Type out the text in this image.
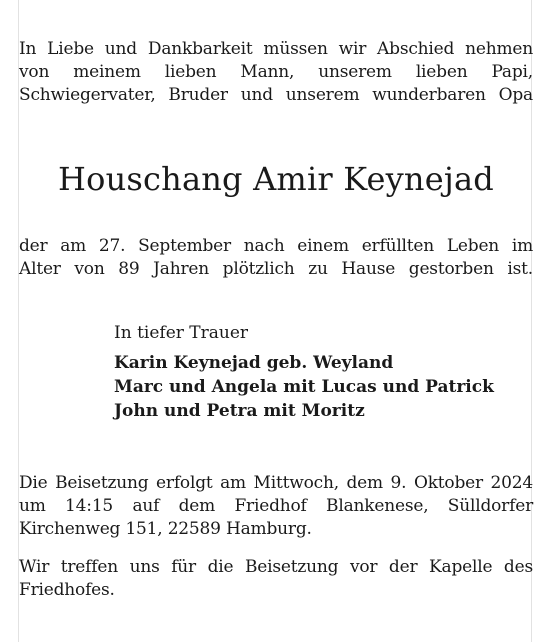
In Liebe und Dankbarkeit müssen wir Abschied nehmen
von meinem lieben Mann, unserem lieben Papi,
Schwiegervater, Bruder und unserem wunderbaren Opa

Houschang Amir Keynejad

der am 27. September nach einem erfüllten Leben im
Alter von 89 Jahren plötzlich zu Hause gestorben ist.

In tiefer Trauer
Karin Keynejad geb. Weyland
Marc und Angela mit Lucas und Patrick
John und Petra mit Moritz

Die Beisetzung erfolgt am Mittwoch, dem 9. Oktober 2024
um 14:15 auf dem Friedhof Blankenese, Sülldorfer
Kirchenweg 151, 22589 Hamburg.

Wir treffen uns für die Beisetzung vor der Kapelle des
Friedhofes.
